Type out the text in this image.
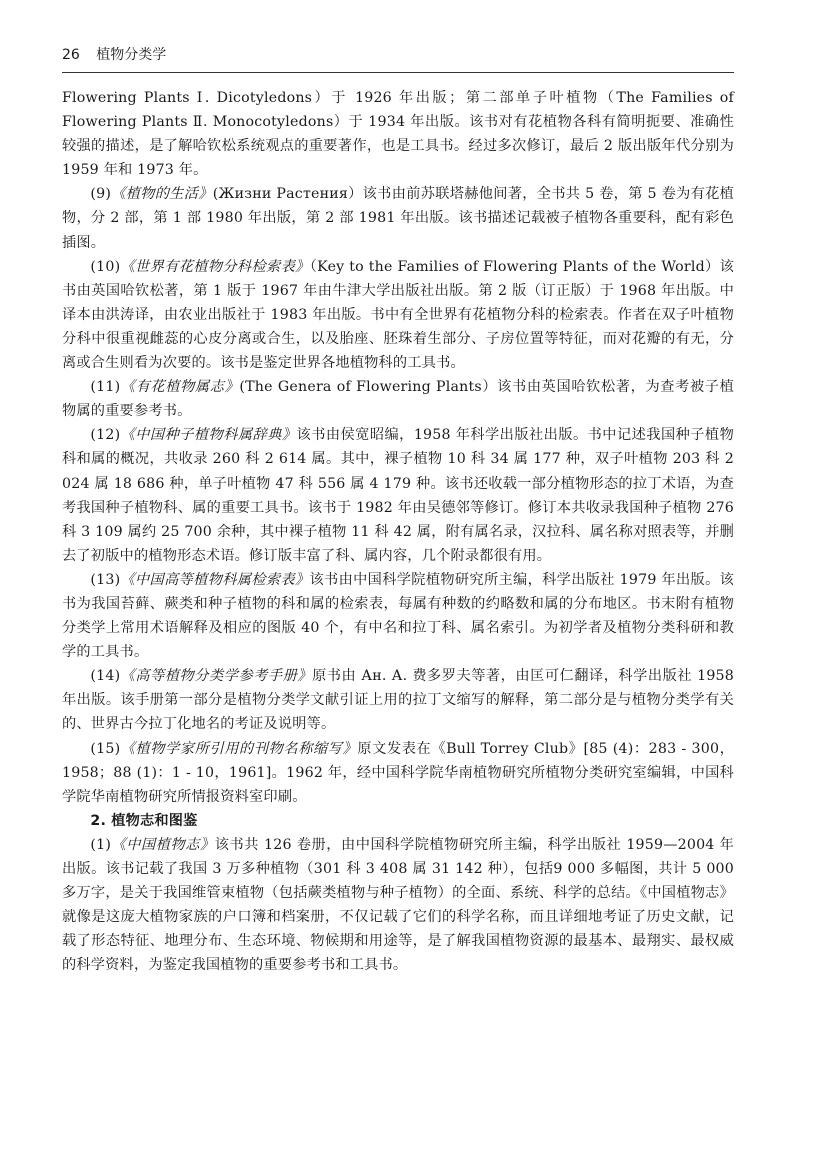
26 植物分类学

Flowering Plants Ⅰ. Dicotyledons）于 1926 年出版；第二部单子叶植物（The Families of Flowering Plants Ⅱ. Monocotyledons）于 1934 年出版。该书对有花植物各科有简明扼要、准确性较强的描述，是了解哈钦松系统观点的重要著作，也是工具书。经过多次修订，最后 2 版出版年代分别为 1959 年和 1973 年。

(9)《植物的生活》(Жизни Растения）该书由前苏联塔赫他间著，全书共 5 卷，第 5 卷为有花植物，分 2 部，第 1 部 1980 年出版，第 2 部 1981 年出版。该书描述记载被子植物各重要科，配有彩色插图。

(10)《世界有花植物分科检索表》（Key to the Families of Flowering Plants of the World）该书由英国哈钦松著，第 1 版于 1967 年由牛津大学出版社出版。第 2 版（订正版）于 1968 年出版。中译本由洪涛译，由农业出版社于 1983 年出版。书中有全世界有花植物分科的检索表。作者在双子叶植物分科中很重视雌蕊的心皮分离或合生，以及胎座、胚珠着生部分、子房位置等特征，而对花瓣的有无，分离或合生则看为次要的。该书是鉴定世界各地植物科的工具书。

(11)《有花植物属志》(The Genera of Flowering Plants）该书由英国哈钦松著，为查考被子植物属的重要参考书。

(12)《中国种子植物科属辞典》该书由侯宽昭编，1958 年科学出版社出版。书中记述我国种子植物科和属的概况，共收录 260 科 2 614 属。其中，裸子植物 10 科 34 属 177 种，双子叶植物 203 科 2 024 属 18 686 种，单子叶植物 47 科 556 属 4 179 种。该书还收载一部分植物形态的拉丁术语，为查考我国种子植物科、属的重要工具书。该书于 1982 年由吴德邻等修订。修订本共收录我国种子植物 276 科 3 109 属约 25 700 余种，其中裸子植物 11 科 42 属，附有属名录，汉拉科、属名称对照表等，并删去了初版中的植物形态术语。修订版丰富了科、属内容，几个附录都很有用。

(13)《中国高等植物科属检索表》该书由中国科学院植物研究所主编，科学出版社 1979 年出版。该书为我国苔藓、蕨类和种子植物的科和属的检索表，每属有种数的约略数和属的分布地区。书末附有植物分类学上常用术语解释及相应的图版 40 个，有中名和拉丁科、属名索引。为初学者及植物分类科研和教学的工具书。

(14)《高等植物分类学参考手册》原书由 Ан. А. 费多罗夫等著，由匡可仁翻译，科学出版社 1958 年出版。该手册第一部分是植物分类学文献引证上用的拉丁文缩写的解释，第二部分是与植物分类学有关的、世界古今拉丁化地名的考证及说明等。

(15)《植物学家所引用的刊物名称缩写》原文发表在《Bull Torrey Club》[85 (4)：283 - 300，1958；88 (1)：1 - 10，1961]。1962 年，经中国科学院华南植物研究所植物分类研究室编辑，中国科学院华南植物研究所情报资料室印刷。

2. 植物志和图鉴

(1)《中国植物志》该书共 126 卷册，由中国科学院植物研究所主编，科学出版社 1959—2004 年出版。该书记载了我国 3 万多种植物（301 科 3 408 属 31 142 种），包括9 000 多幅图，共计 5 000 多万字，是关于我国维管束植物（包括蕨类植物与种子植物）的全面、系统、科学的总结。《中国植物志》就像是这庞大植物家族的户口簿和档案册，不仅记载了它们的科学名称，而且详细地考证了历史文献，记载了形态特征、地理分布、生态环境、物候期和用途等，是了解我国植物资源的最基本、最翔实、最权威的科学资料，为鉴定我国植物的重要参考书和工具书。
